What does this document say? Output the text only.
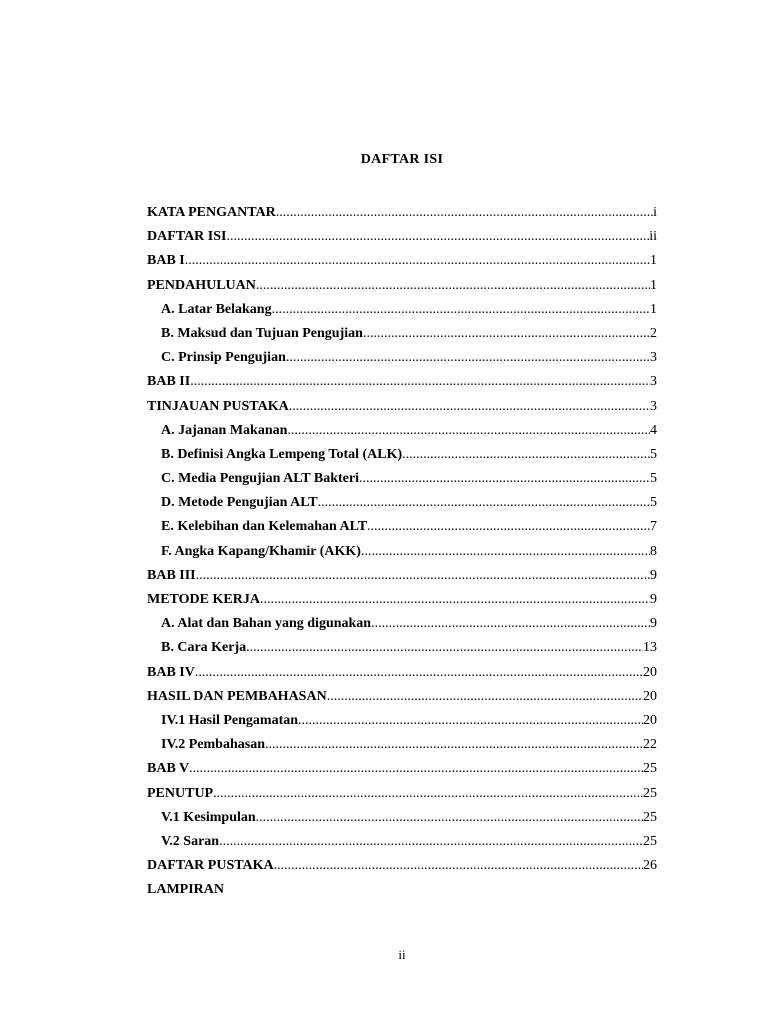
DAFTAR ISI
KATA PENGANTAR .....	i
DAFTAR ISI .....	ii
BAB I .....	1
PENDAHULUAN .....	1
A. Latar Belakang .....	1
B. Maksud dan Tujuan Pengujian .....	2
C. Prinsip Pengujian .....	3
BAB II .....	3
TINJAUAN PUSTAKA .....	3
A. Jajanan Makanan .....	4
B. Definisi Angka Lempeng Total (ALK) .....	5
C. Media Pengujian ALT Bakteri .....	5
D. Metode Pengujian ALT .....	5
E. Kelebihan dan Kelemahan ALT .....	7
F. Angka Kapang/Khamir (AKK) .....	8
BAB III .....	9
METODE KERJA .....	9
A. Alat dan Bahan yang digunakan .....	9
B. Cara Kerja .....	13
BAB IV .....	20
HASIL DAN PEMBAHASAN .....	20
IV.1 Hasil Pengamatan .....	20
IV.2 Pembahasan .....	22
BAB V .....	25
PENUTUP .....	25
V.1 Kesimpulan .....	25
V.2 Saran .....	25
DAFTAR PUSTAKA .....	26
LAMPIRAN
ii
